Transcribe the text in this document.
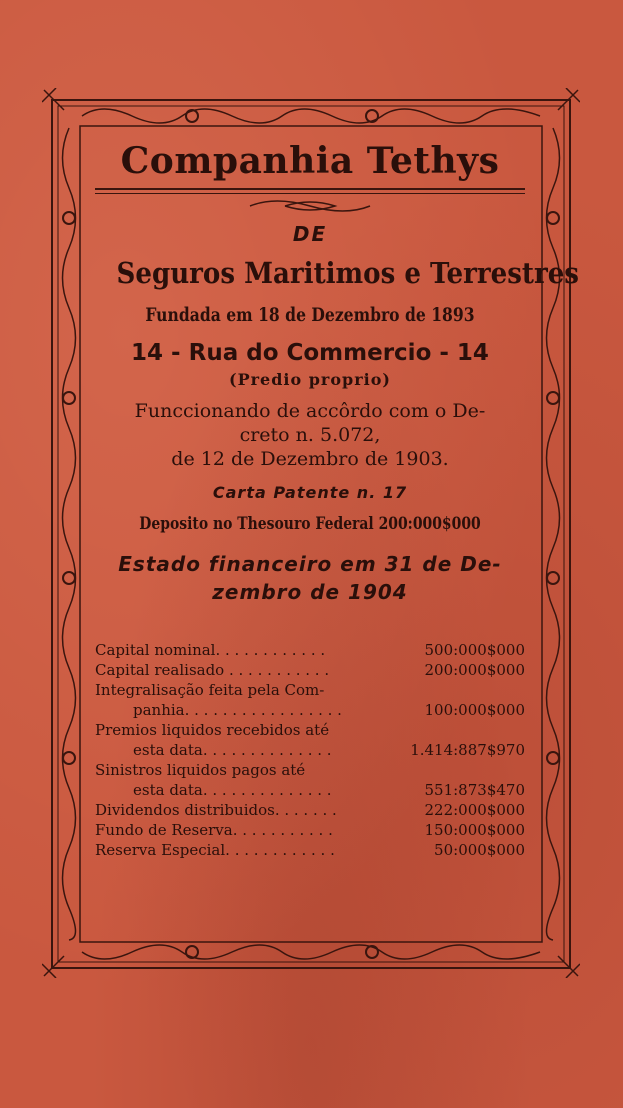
Companhia Tethys
DE
Seguros Maritimos e Terrestres
Fundada em 18 de Dezembro de 1893
14 - Rua do Commercio - 14
(Predio proprio)
Funccionando de accôrdo com o De-
creto n. 5.072,
de 12 de Dezembro de 1903.
Carta Patente n. 17
Deposito no Thesouro Federal 200:000$000
Estado financeiro em 31 de De-
zembro de 1904
Capital nominal. . . . . . . . . . . .	500:000$000
Capital realisado . . . . . . . . . . .	200:000$000
Integralisação feita pela Com-
panhia. . . . . . . . . . . . . . . . .	100:000$000
Premios liquidos recebidos até
esta data. . . . . . . . . . . . . .	1.414:887$970
Sinistros liquidos pagos até
esta data. . . . . . . . . . . . . .	551:873$470
Dividendos distribuidos. . . . . . .	222:000$000
Fundo de Reserva. . . . . . . . . . .	150:000$000
Reserva Especial. . . . . . . . . . . .	50:000$000
